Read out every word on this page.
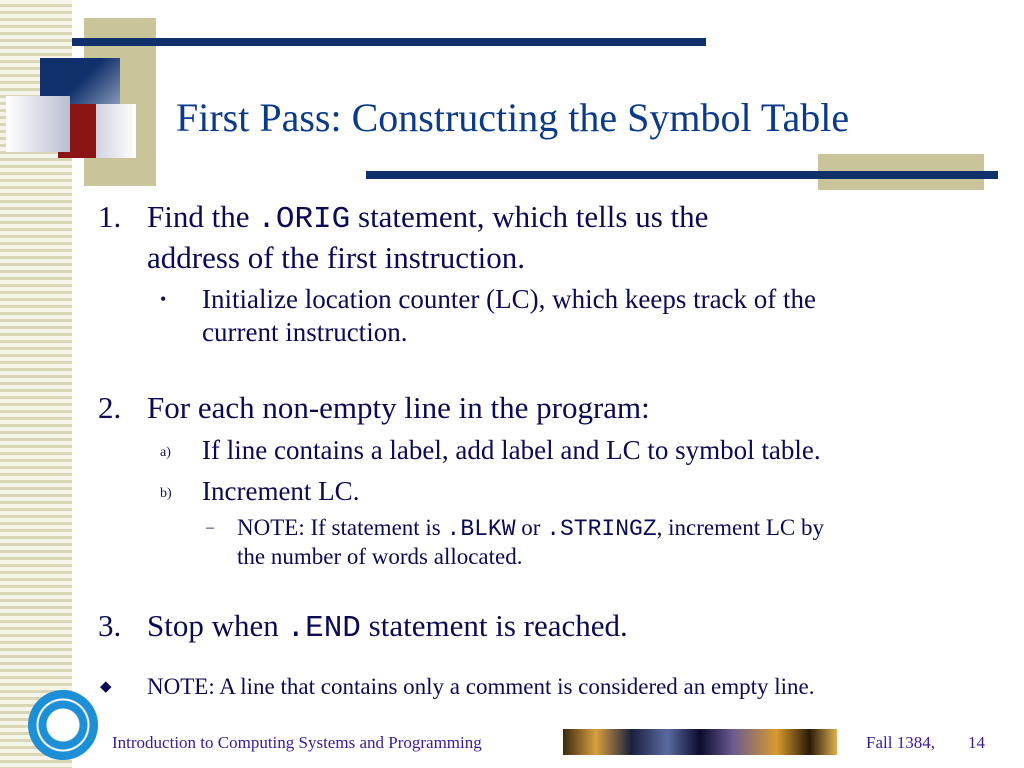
First Pass: Constructing the Symbol Table
1. Find the .ORIG statement, which tells us the
address of the first instruction.
• Initialize location counter (LC), which keeps track of the
current instruction.
2. For each non-empty line in the program:
a) If line contains a label, add label and LC to symbol table.
b) Increment LC.
– NOTE: If statement is .BLKW or .STRINGZ, increment LC by
the number of words allocated.
3. Stop when .END statement is reached.
◆ NOTE: A line that contains only a comment is considered an empty line.
Introduction to Computing Systems and Programming	Fall 1384, 14
